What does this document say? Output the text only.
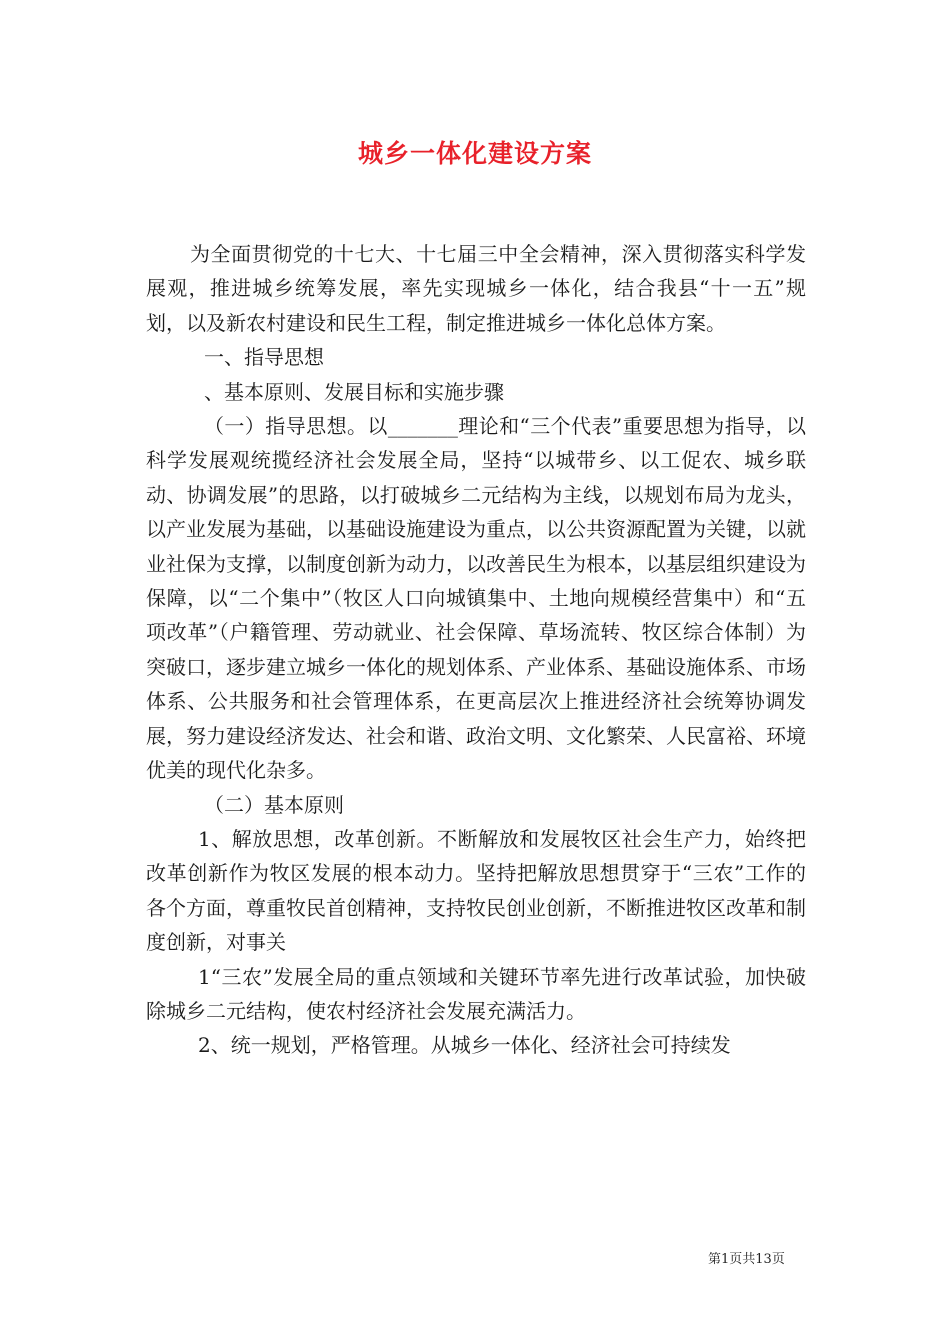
城乡一体化建设方案

为全面贯彻党的十七大、十七届三中全会精神，深入贯彻落实科学发展观，推进城乡统筹发展，率先实现城乡一体化，结合我县“十一五”规划，以及新农村建设和民生工程，制定推进城乡一体化总体方案。

一、指导思想

、基本原则、发展目标和实施步骤

（一）指导思想。以_______理论和“三个代表”重要思想为指导，以科学发展观统揽经济社会发展全局，坚持“以城带乡、以工促农、城乡联动、协调发展”的思路，以打破城乡二元结构为主线，以规划布局为龙头，以产业发展为基础，以基础设施建设为重点，以公共资源配置为关键，以就业社保为支撑，以制度创新为动力，以改善民生为根本，以基层组织建设为保障，以“二个集中”（牧区人口向城镇集中、土地向规模经营集中）和“五项改革”（户籍管理、劳动就业、社会保障、草场流转、牧区综合体制）为突破口，逐步建立城乡一体化的规划体系、产业体系、基础设施体系、市场体系、公共服务和社会管理体系，在更高层次上推进经济社会统筹协调发展，努力建设经济发达、社会和谐、政治文明、文化繁荣、人民富裕、环境优美的现代化杂多。

（二）基本原则

1、解放思想，改革创新。不断解放和发展牧区社会生产力，始终把改革创新作为牧区发展的根本动力。坚持把解放思想贯穿于“三农”工作的各个方面，尊重牧民首创精神，支持牧民创业创新，不断推进牧区改革和制度创新，对事关

1“三农”发展全局的重点领域和关键环节率先进行改革试验，加快破除城乡二元结构，使农村经济社会发展充满活力。

2、统一规划，严格管理。从城乡一体化、经济社会可持续发

第1页共13页
